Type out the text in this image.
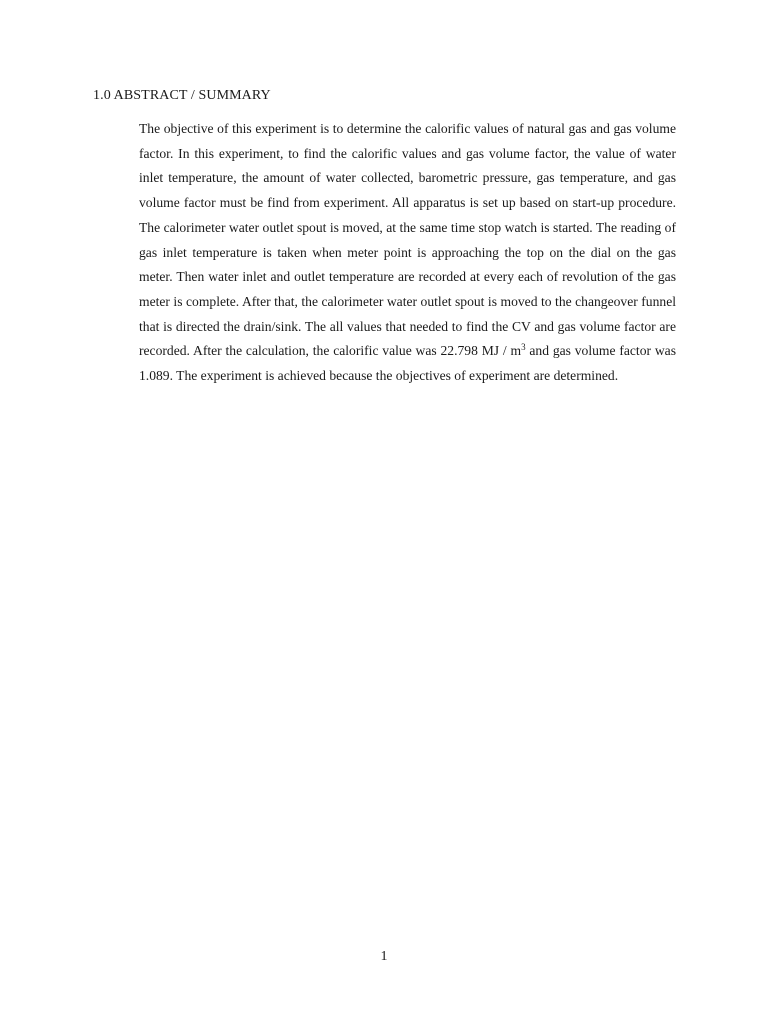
1.0 ABSTRACT / SUMMARY

The objective of this experiment is to determine the calorific values of natural gas and gas volume factor. In this experiment, to find the calorific values and gas volume factor, the value of water inlet temperature, the amount of water collected, barometric pressure, gas temperature, and gas volume factor must be find from experiment. All apparatus is set up based on start-up procedure. The calorimeter water outlet spout is moved, at the same time stop watch is started. The reading of gas inlet temperature is taken when meter point is approaching the top on the dial on the gas meter. Then water inlet and outlet temperature are recorded at every each of revolution of the gas meter is complete. After that, the calorimeter water outlet spout is moved to the changeover funnel that is directed the drain/sink. The all values that needed to find the CV and gas volume factor are recorded. After the calculation, the calorific value was 22.798 MJ / $m^3$ and gas volume factor was 1.089. The experiment is achieved because the objectives of experiment are determined.

1
